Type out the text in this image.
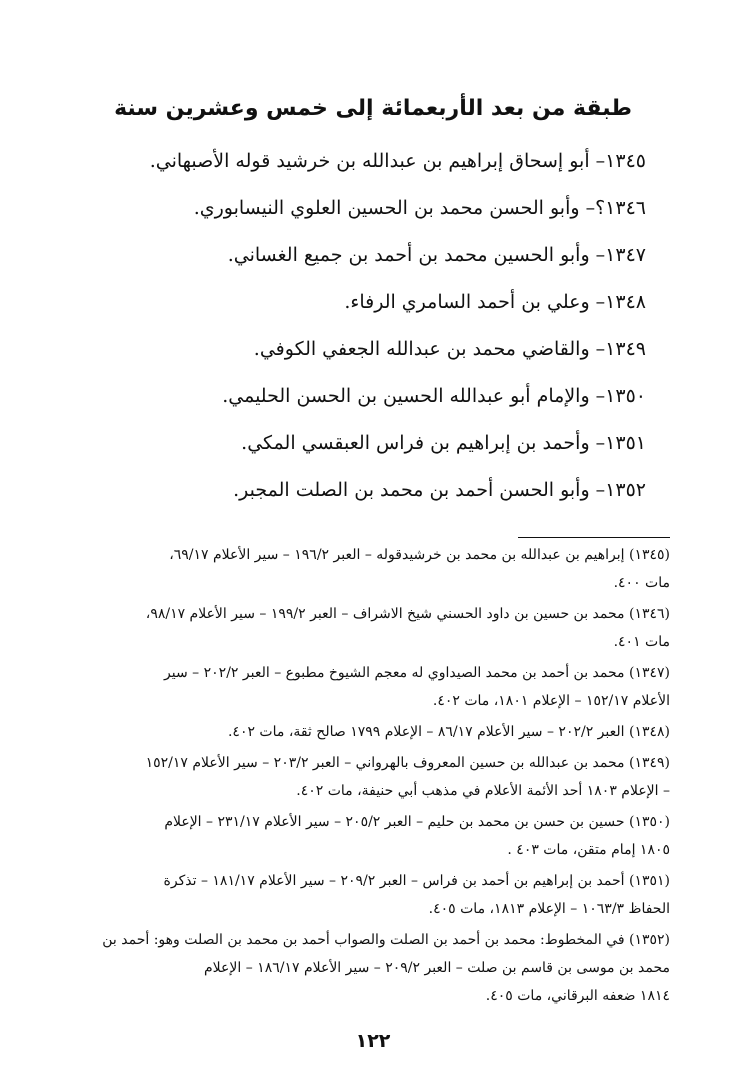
طبقة من بعد الأربعمائة إلى خمس وعشرين سنة
١٣٤٥– أبو إسحاق إبراهيم بن عبدالله بن خرشيد قوله الأصبهاني.
١٣٤٦؟– وأبو الحسن محمد بن الحسين العلوي النيسابوري.
١٣٤٧– وأبو الحسين محمد بن أحمد بن جميع الغساني.
١٣٤٨– وعلي بن أحمد السامري الرفاء.
١٣٤٩– والقاضي محمد بن عبدالله الجعفي الكوفي.
١٣٥٠– والإمام أبو عبدالله الحسين بن الحسن الحليمي.
١٣٥١– وأحمد بن إبراهيم بن فراس العبقسي المكي.
١٣٥٢– وأبو الحسن أحمد بن محمد بن الصلت المجبر.
(١٣٤٥) إبراهيم بن عبدالله بن محمد بن خرشيدقوله – العبر ١٩٦/٢ – سير الأعلام ٦٩/١٧،
مات ٤٠٠.
(١٣٤٦) محمد بن حسين بن داود الحسني شيخ الاشراف – العبر ١٩٩/٢ – سير الأعلام ٩٨/١٧،
مات ٤٠١.
(١٣٤٧) محمد بن أحمد بن محمد الصيداوي له معجم الشيوخ مطبوع – العبر ٢٠٢/٢ – سير
الأعلام ١٥٢/١٧ – الإعلام ١٨٠١، مات ٤٠٢.
(١٣٤٨) العبر ٢٠٢/٢ – سير الأعلام ٨٦/١٧ – الإعلام ١٧٩٩ صالح ثقة، مات ٤٠٢.
(١٣٤٩) محمد بن عبدالله بن حسين المعروف بالهرواني – العبر ٢٠٣/٢ – سير الأعلام ١٥٢/١٧
– الإعلام ١٨٠٣ أحد الأئمة الأعلام في مذهب أبي حنيفة، مات ٤٠٢.
(١٣٥٠) حسين بن حسن بن محمد بن حليم – العبر ٢٠٥/٢ – سير الأعلام ٢٣١/١٧ – الإعلام
١٨٠٥ إمام متقن، مات ٤٠٣ .
(١٣٥١) أحمد بن إبراهيم بن أحمد بن فراس – العبر ٢٠٩/٢ – سير الأعلام ١٨١/١٧ – تذكرة
الحفاظ ١٠٦٣/٣ – الإعلام ١٨١٣، مات ٤٠٥.
(١٣٥٢) في المخطوط: محمد بن أحمد بن الصلت والصواب أحمد بن محمد بن الصلت وهو: أحمد بن
محمد بن موسى بن قاسم بن صلت – العبر ٢٠٩/٢ – سير الأعلام ١٨٦/١٧ – الإعلام
١٨١٤ ضعفه البرقاني، مات ٤٠٥.
١٢٢
